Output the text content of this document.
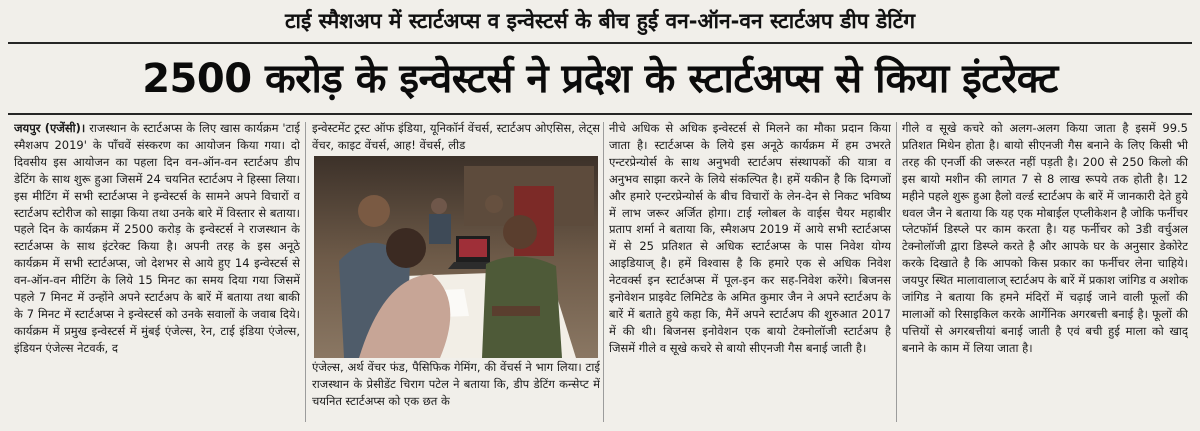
टाई स्मैशअप में स्टार्टअप्स व इन्वेस्टर्स के बीच हुई वन-ऑन-वन स्टार्टअप डीप डेटिंग
2500 करोड़ के इन्वेस्टर्स ने प्रदेश के स्टार्टअप्स से किया इंटरेक्ट

जयपुर (एजेंसी)। राजस्थान के स्टार्टअप्स के लिए खास कार्यक्रम 'टाई स्मैशअप 2019' के पाँचवें संस्करण का आयोजन किया गया। दो दिवसीय इस आयोजन का पहला दिन वन-ऑन-वन स्टार्टअप डीप डेटिंग के साथ शुरू हुआ जिसमें 24 चयनित स्टार्टअप ने हिस्सा लिया। इस मीटिंग में सभी स्टार्टअप्स ने इन्वेस्टर्स के सामने अपने विचारों व स्टार्टअप स्टोरीज को साझा किया तथा उनके बारे में विस्तार से बताया। पहले दिन के कार्यक्रम में 2500 करोड़ के इन्वेस्टर्स ने राजस्थान के स्टार्टअप्स के साथ इंटरेक्ट किया है। अपनी तरह के इस अनूठे कार्यक्रम में सभी स्टार्टअप्स, जो देशभर से आये हुए 14 इन्वेस्टर्स से वन-ऑन-वन मीटिंग के लिये 15 मिनट का समय दिया गया जिसमें पहले 7 मिनट में उन्होंने अपने स्टार्टअप के बारें में बताया तथा बाकी के 7 मिनट में स्टार्टअप्स ने इन्वेस्टर्स को उनके सवालों के जवाब दिये। कार्यक्रम में प्रमुख इन्वेस्टर्स में मुंबई एंजेल्स, रेन, टाई इंडिया एंजेल्स, इंडियन एंजेल्स नेटवर्क, द

इन्वेस्टमेंट ट्रस्ट ऑफ इंडिया, यूनिकॉर्न वेंचर्स, स्टार्टअप ओएसिस, लेट्स वेंचर, काइट वेंचर्स, आह! वेंचर्स, लीड

एंजेल्स, अर्थ वेंचर फंड, पैसिफिक गेमिंग, की वेंचर्स ने भाग लिया। टाई राजस्थान के प्रेसीडेंट चिराग पटेल ने बताया कि, डीप डेटिंग कन्सेप्ट में चयनित स्टार्टअप्स को एक छत के

नीचे अधिक से अधिक इन्वेस्टर्स से मिलने का मौका प्रदान किया जाता है। स्टार्टअप्स के लिये इस अनूठे कार्यक्रम में हम उभरते एन्टरप्रेन्योर्स के साथ अनुभवी स्टार्टअप संस्थापकों की यात्रा व अनुभव साझा करने के लिये संकल्पित है। हमें यकीन है कि दिग्गजों और हमारे एन्टरप्रेन्योर्स के बीच विचारों के लेन-देन से निकट भविष्य में लाभ जरूर अर्जित होगा। टाई ग्लोबल के वाईस चैयर महाबीर प्रताप शर्मा ने बताया कि, स्मैशअप 2019 में आये सभी स्टार्टअप्स में से 25 प्रतिशत से अधिक स्टार्टअप्स के पास निवेश योग्य आइडियाज् है। हमें विश्वास है कि हमारे एक से अधिक निवेश नेटवर्क्स इन स्टार्टअप्स में पूल-इन कर सह-निवेश करेंगे। बिजनस इनोवेशन प्राइवेट लिमिटेड के अमित कुमार जैन ने अपने स्टार्टअप के बारें में बताते हुये कहा कि, मैनें अपने स्टार्टअप की शुरुआत 2017 में की थी। बिजनस इनोवेशन एक बायो टेक्नोलॉजी स्टार्टअप है जिसमें गीले व सूखे कचरे से बायो सीएनजी गैस बनाई जाती है।

गीले व सूखे कचरे को अलग-अलग किया जाता है इसमें 99.5 प्रतिशत मिथेन होता है। बायो सीएनजी गैस बनाने के लिए किसी भी तरह की एनर्जी की जरूरत नहीं पड़ती है। 200 से 250 किलो की इस बायो मशीन की लागत 7 से 8 लाख रूपये तक होती है। 12 महीने पहले शुरू हुआ हैलो वर्ल्ड स्टार्टअप के बारें में जानकारी देते हुये धवल जैन ने बताया कि यह एक मोबाईल एप्लीकेशन है जोकि फर्नीचर प्लेटफॉर्म डिस्प्ले पर काम करता है। यह फर्नीचर को 3डी वर्चुअल टेक्नोलॉजी द्वारा डिस्प्ले करते है और आपके घर के अनुसार डेकोरेट करके दिखाते है कि आपको किस प्रकार का फर्नीचर लेना चाहिये। जयपुर स्थित मालावालाज् स्टार्टअप के बारें में प्रकाश जांगिड व अशोक जांगिड ने बताया कि हमने मंदिरों में चढ़ाई जाने वाली फूलों की मालाओं को रिसाइकिल करके आर्गेनिक अगरबत्ती बनाई है। फूलों की पत्तियों से अगरबत्तीयां बनाई जाती है एवं बची हुई माला को खाद् बनाने के काम में लिया जाता है।
